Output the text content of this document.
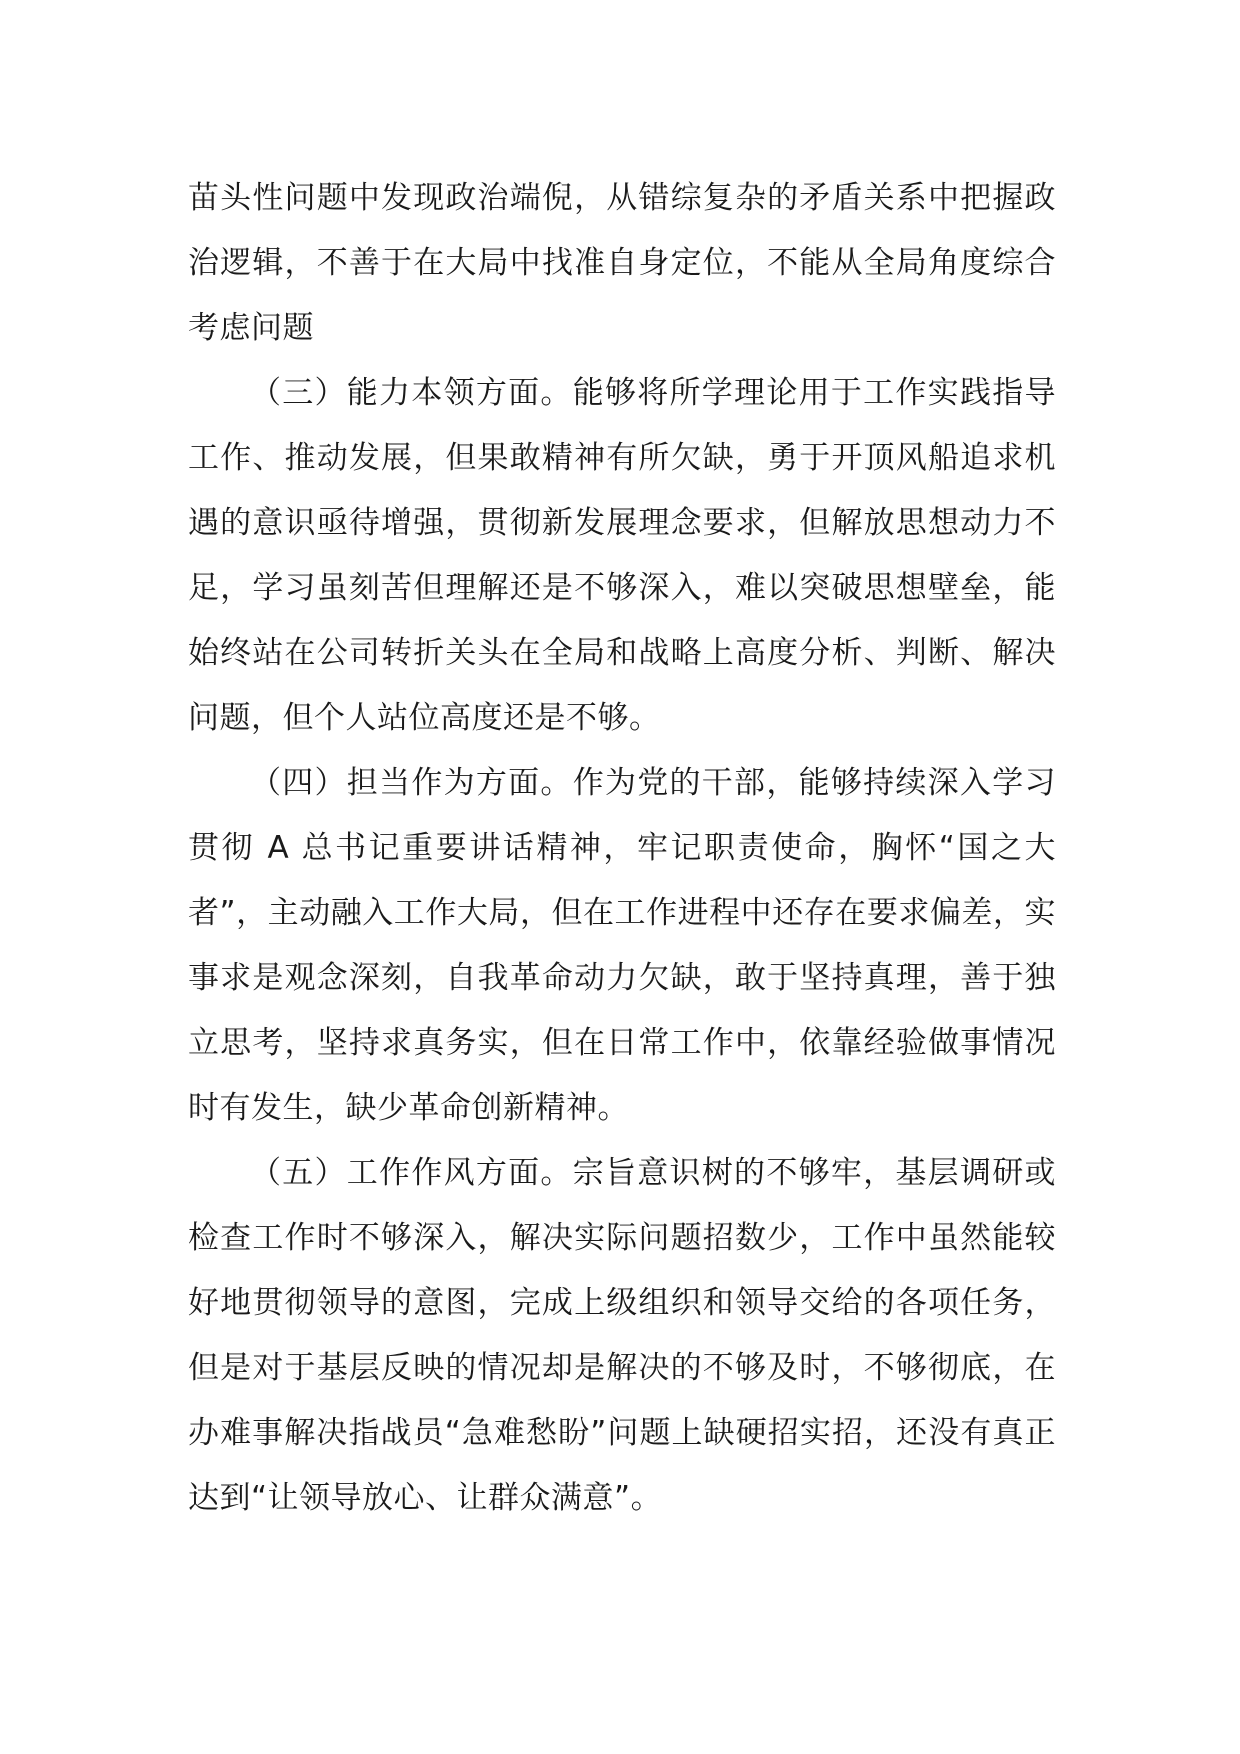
苗头性问题中发现政治端倪，从错综复杂的矛盾关系中把握政治逻辑，不善于在大局中找准自身定位，不能从全局角度综合考虑问题

（三）能力本领方面。能够将所学理论用于工作实践指导工作、推动发展，但果敢精神有所欠缺，勇于开顶风船追求机遇的意识亟待增强，贯彻新发展理念要求，但解放思想动力不足，学习虽刻苦但理解还是不够深入，难以突破思想壁垒，能始终站在公司转折关头在全局和战略上高度分析、判断、解决问题，但个人站位高度还是不够。

（四）担当作为方面。作为党的干部，能够持续深入学习贯彻 A 总书记重要讲话精神，牢记职责使命，胸怀“国之大者”，主动融入工作大局，但在工作进程中还存在要求偏差，实事求是观念深刻，自我革命动力欠缺，敢于坚持真理，善于独立思考，坚持求真务实，但在日常工作中，依靠经验做事情况时有发生，缺少革命创新精神。

（五）工作作风方面。宗旨意识树的不够牢，基层调研或检查工作时不够深入，解决实际问题招数少，工作中虽然能较好地贯彻领导的意图，完成上级组织和领导交给的各项任务，但是对于基层反映的情况却是解决的不够及时，不够彻底，在办难事解决指战员“急难愁盼”问题上缺硬招实招，还没有真正达到“让领导放心、让群众满意”。
